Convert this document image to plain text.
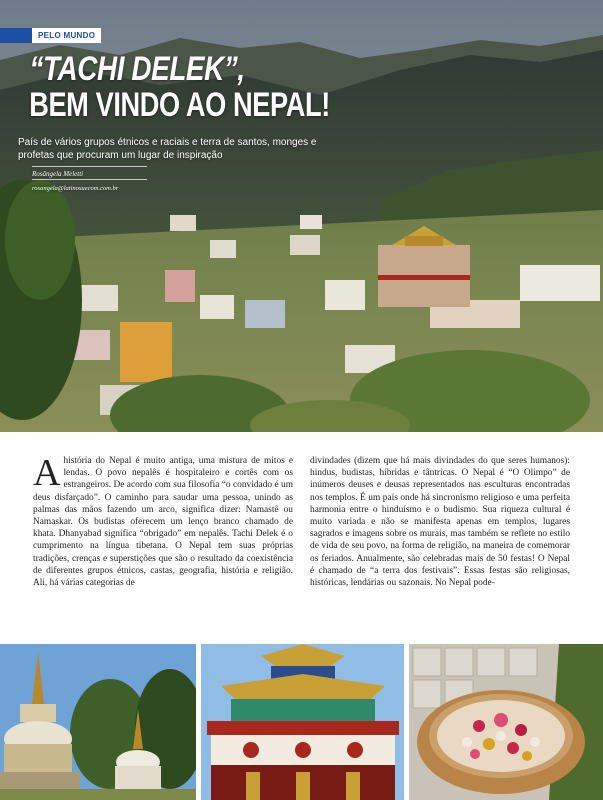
PELO MUNDO
“TACHI DELEK”,
BEM VINDO AO NEPAL!
País de vários grupos étnicos e raciais e terra de santos, monges e profetas que procuram um lugar de inspiração
Rosângela Meletti
rosangela@latinosuecom.com.br
A história do Nepal é muito antiga, uma mistura de mitos e lendas. O povo nepalês é hospitaleiro e cortês com os estrangeiros. De acordo com sua filosofia “o convidado é um deus disfarçado”. O caminho para saudar uma pessoa, unindo as palmas das mãos fazendo um arco, significa dizer: Namastê ou Namaskar. Os budistas oferecem um lenço branco chamado de khata. Dhanyabad significa “obrigado” em nepalês. Tachi Delek é o cumprimento na língua tibetana. O Nepal tem suas próprias tradições, crenças e superstições que são o resultado da coexistência de diferentes grupos étnicos, castas, geografia, história e religião. Ali, há várias categorias de
divindades (dizem que há mais divindades do que seres humanos): hindus, budistas, híbridas e tântricas. O Nepal é “O Olimpo” de inúmeros deuses e deusas representados nas esculturas encontradas nos templos. É um país onde há sincronismo religioso e uma perfeita harmonia entre o hinduísmo e o budismo. Sua riqueza cultural é muito variada e não se manifesta apenas em templos, lugares sagrados e imagens sobre os murais, mas também se reflete no estilo de vida de seu povo, na forma de religião, na maneira de comemorar os feriados. Anualmente, são celebradas mais de 50 festas! O Nepal é chamado de “a terra dos festivais”. Essas festas são religiosas, históricas, lendárias ou sazonais. No Nepal pode-
